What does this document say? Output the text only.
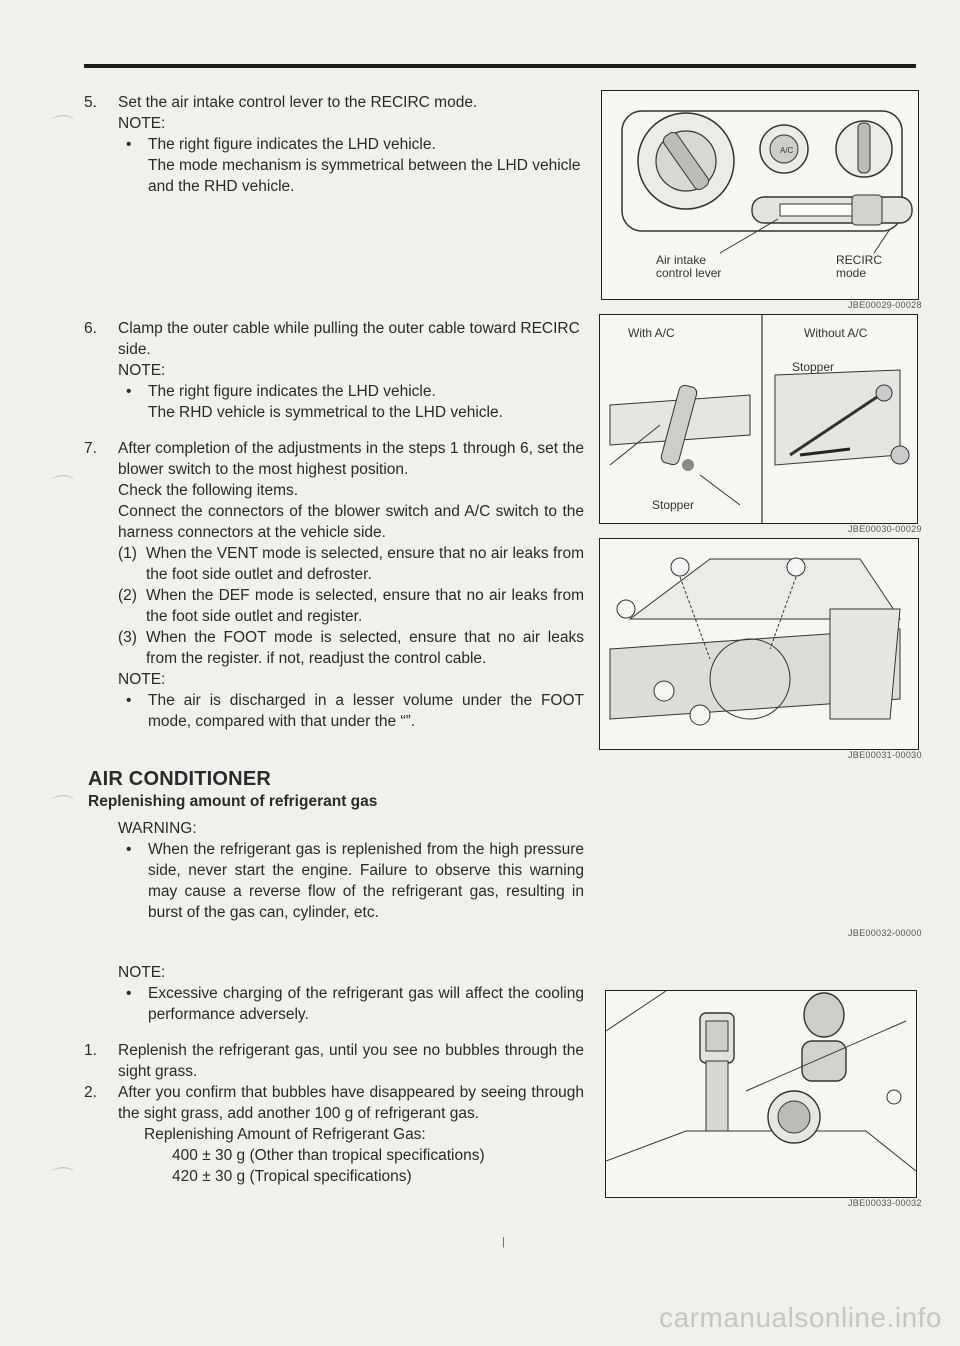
5. Set the air intake control lever to the RECIRC mode.
NOTE:
• The right figure indicates the LHD vehicle.
The mode mechanism is symmetrical between the LHD vehicle and the RHD vehicle.
6. Clamp the outer cable while pulling the outer cable toward RECIRC side.
NOTE:
• The right figure indicates the LHD vehicle.
The RHD vehicle is symmetrical to the LHD vehicle.
7. After completion of the adjustments in the steps 1 through 6, set the blower switch to the most highest position.
Check the following items.
Connect the connectors of the blower switch and A/C switch to the harness connectors at the vehicle side.
(1) When the VENT mode is selected, ensure that no air leaks from the foot side outlet and defroster.
(2) When the DEF mode is selected, ensure that no air leaks from the foot side outlet and register.
(3) When the FOOT mode is selected, ensure that no air leaks from the register. if not, readjust the control cable.
NOTE:
• The air is discharged in a lesser volume under the FOOT mode, compared with that under the “”.
AIR CONDITIONER
Replenishing amount of refrigerant gas
WARNING:
• When the refrigerant gas is replenished from the high pressure side, never start the engine. Failure to observe this warning may cause a reverse flow of the refrigerant gas, resulting in burst of the gas can, cylinder, etc.
NOTE:
• Excessive charging of the refrigerant gas will affect the cooling performance adversely.
1. Replenish the refrigerant gas, until you see no bubbles through the sight grass.
2. After you confirm that bubbles have disappeared by seeing through the sight grass, add another 100 g of refrigerant gas.
Replenishing Amount of Refrigerant Gas:
400 ± 30 g (Other than tropical specifications)
420 ± 30 g (Tropical specifications)
A/C
Air intake
control lever
RECIRC
mode
JBE00029-00028
With A/C	Without A/C
Stopper
Stopper
JBE00030-00029
JBE00031-00030
JBE00032-00000
JBE00033-00032
|
⌒
⌒
⌒
⌒
carmanualsonline.info
